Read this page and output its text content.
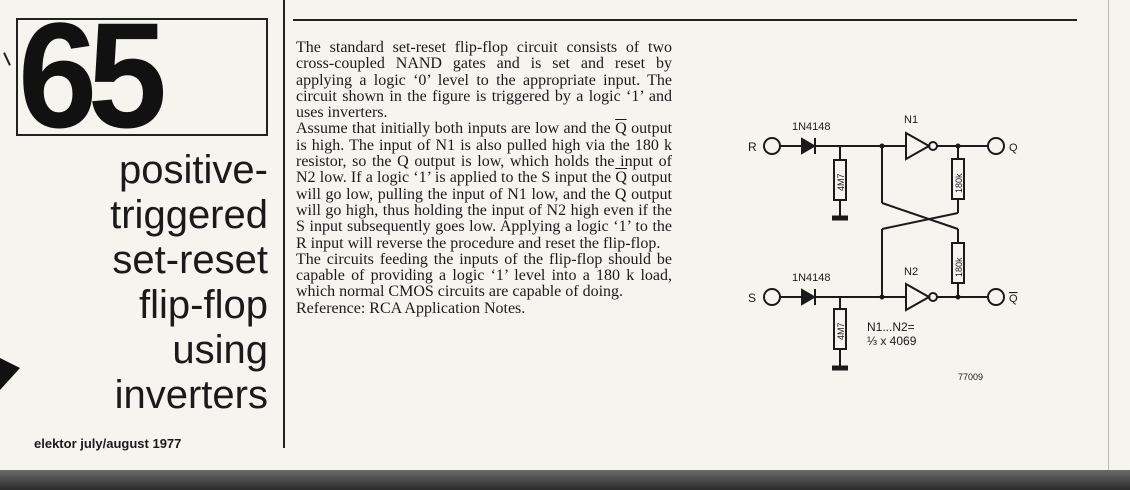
65
positive-
triggered
set-reset
flip-flop
using
inverters
elektor july/august 1977

The standard set-reset flip-flop circuit consists of two cross-coupled NAND gates and is set and reset by applying a logic ‘0’ level to the appropriate input. The circuit shown in the figure is triggered by a logic ‘1’ and uses inverters.

Assume that initially both inputs are low and the $\overline{Q}$ output is high. The input of N1 is also pulled high via the 180 k resistor, so the Q output is low, which holds the input of N2 low. If a logic ‘1’ is applied to the S input the $\overline{Q}$ output will go low, pulling the input of N1 low, and the Q output will go high, thus holding the input of N2 high even if the S input subsequently goes low. Applying a logic ‘1’ to the R input will reverse the procedure and reset the flip-flop.

The circuits feeding the inputs of the flip-flop should be capable of providing a logic ‘1’ level into a 180 k load, which normal CMOS circuits are capable of doing.

Reference: RCA Application Notes.

R
S
1N4148
1N4148
N1
N2
Q
Q
4M7
4M7
180k
180k
N1...N2=
⅓ x 4069
77009
